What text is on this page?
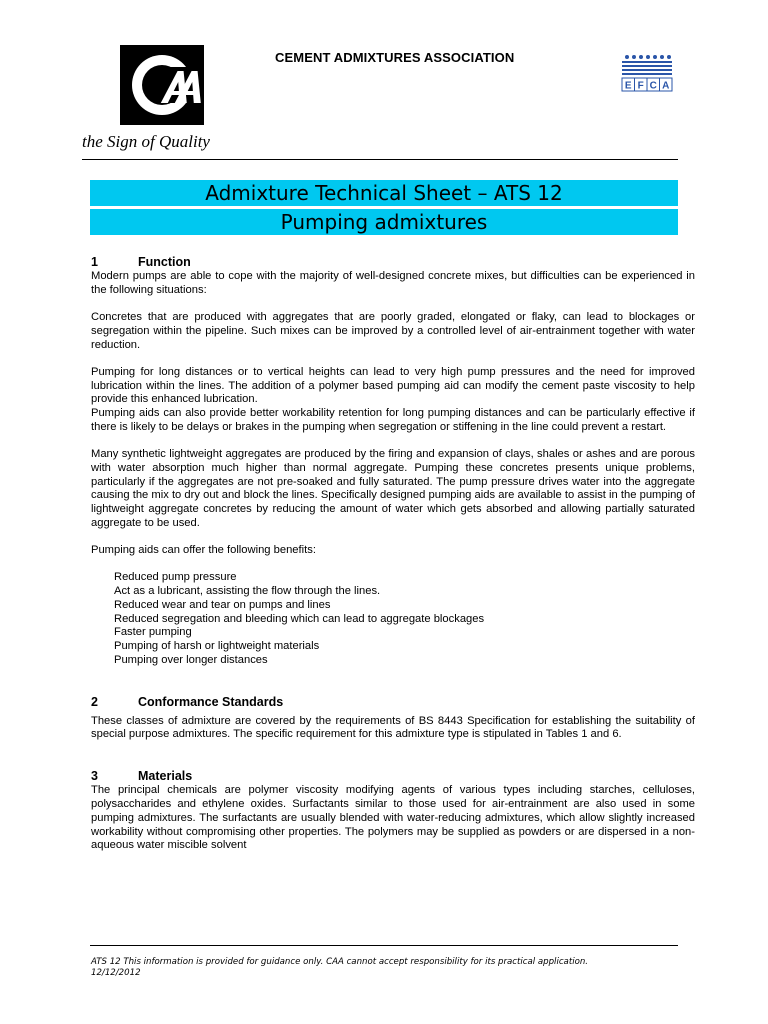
the Sign of Quality
CEMENT ADMIXTURES ASSOCIATION
E F C A
Admixture Technical Sheet – ATS 12
Pumping admixtures
1	Function

Modern pumps are able to cope with the majority of well-designed concrete mixes, but difficulties can be experienced in the following situations:

Concretes that are produced with aggregates that are poorly graded, elongated or flaky, can lead to blockages or segregation within the pipeline. Such mixes can be improved by a controlled level of air-entrainment together with water reduction.

Pumping for long distances or to vertical heights can lead to very high pump pressures and the need for improved lubrication within the lines. The addition of a polymer based pumping aid can modify the cement paste viscosity to help provide this enhanced lubrication.

Pumping aids can also provide better workability retention for long pumping distances and can be particularly effective if there is likely to be delays or brakes in the pumping when segregation or stiffening in the line could prevent a restart.

Many synthetic lightweight aggregates are produced by the firing and expansion of clays, shales or ashes and are porous with water absorption much higher than normal aggregate. Pumping these concretes presents unique problems, particularly if the aggregates are not pre-soaked and fully saturated. The pump pressure drives water into the aggregate causing the mix to dry out and block the lines. Specifically designed pumping aids are available to assist in the pumping of lightweight aggregate concretes by reducing the amount of water which gets absorbed and allowing partially saturated aggregate to be used.

Pumping aids can offer the following benefits:

Reduced pump pressure
Act as a lubricant, assisting the flow through the lines.
Reduced wear and tear on pumps and lines
Reduced segregation and bleeding which can lead to aggregate blockages
Faster pumping
Pumping of harsh or lightweight materials
Pumping over longer distances
2	Conformance Standards

These classes of admixture are covered by the requirements of BS 8443 Specification for establishing the suitability of special purpose admixtures. The specific requirement for this admixture type is stipulated in Tables 1 and 6.

3	Materials

The principal chemicals are polymer viscosity modifying agents of various types including starches, celluloses, polysaccharides and ethylene oxides. Surfactants similar to those used for air-entrainment are also used in some pumping admixtures. The surfactants are usually blended with water-reducing admixtures, which allow slightly increased workability without compromising other properties. The polymers may be supplied as powders or are dispersed in a non-aqueous water miscible solvent

ATS 12 This information is provided for guidance only. CAA cannot accept responsibility for its practical application.
12/12/2012
